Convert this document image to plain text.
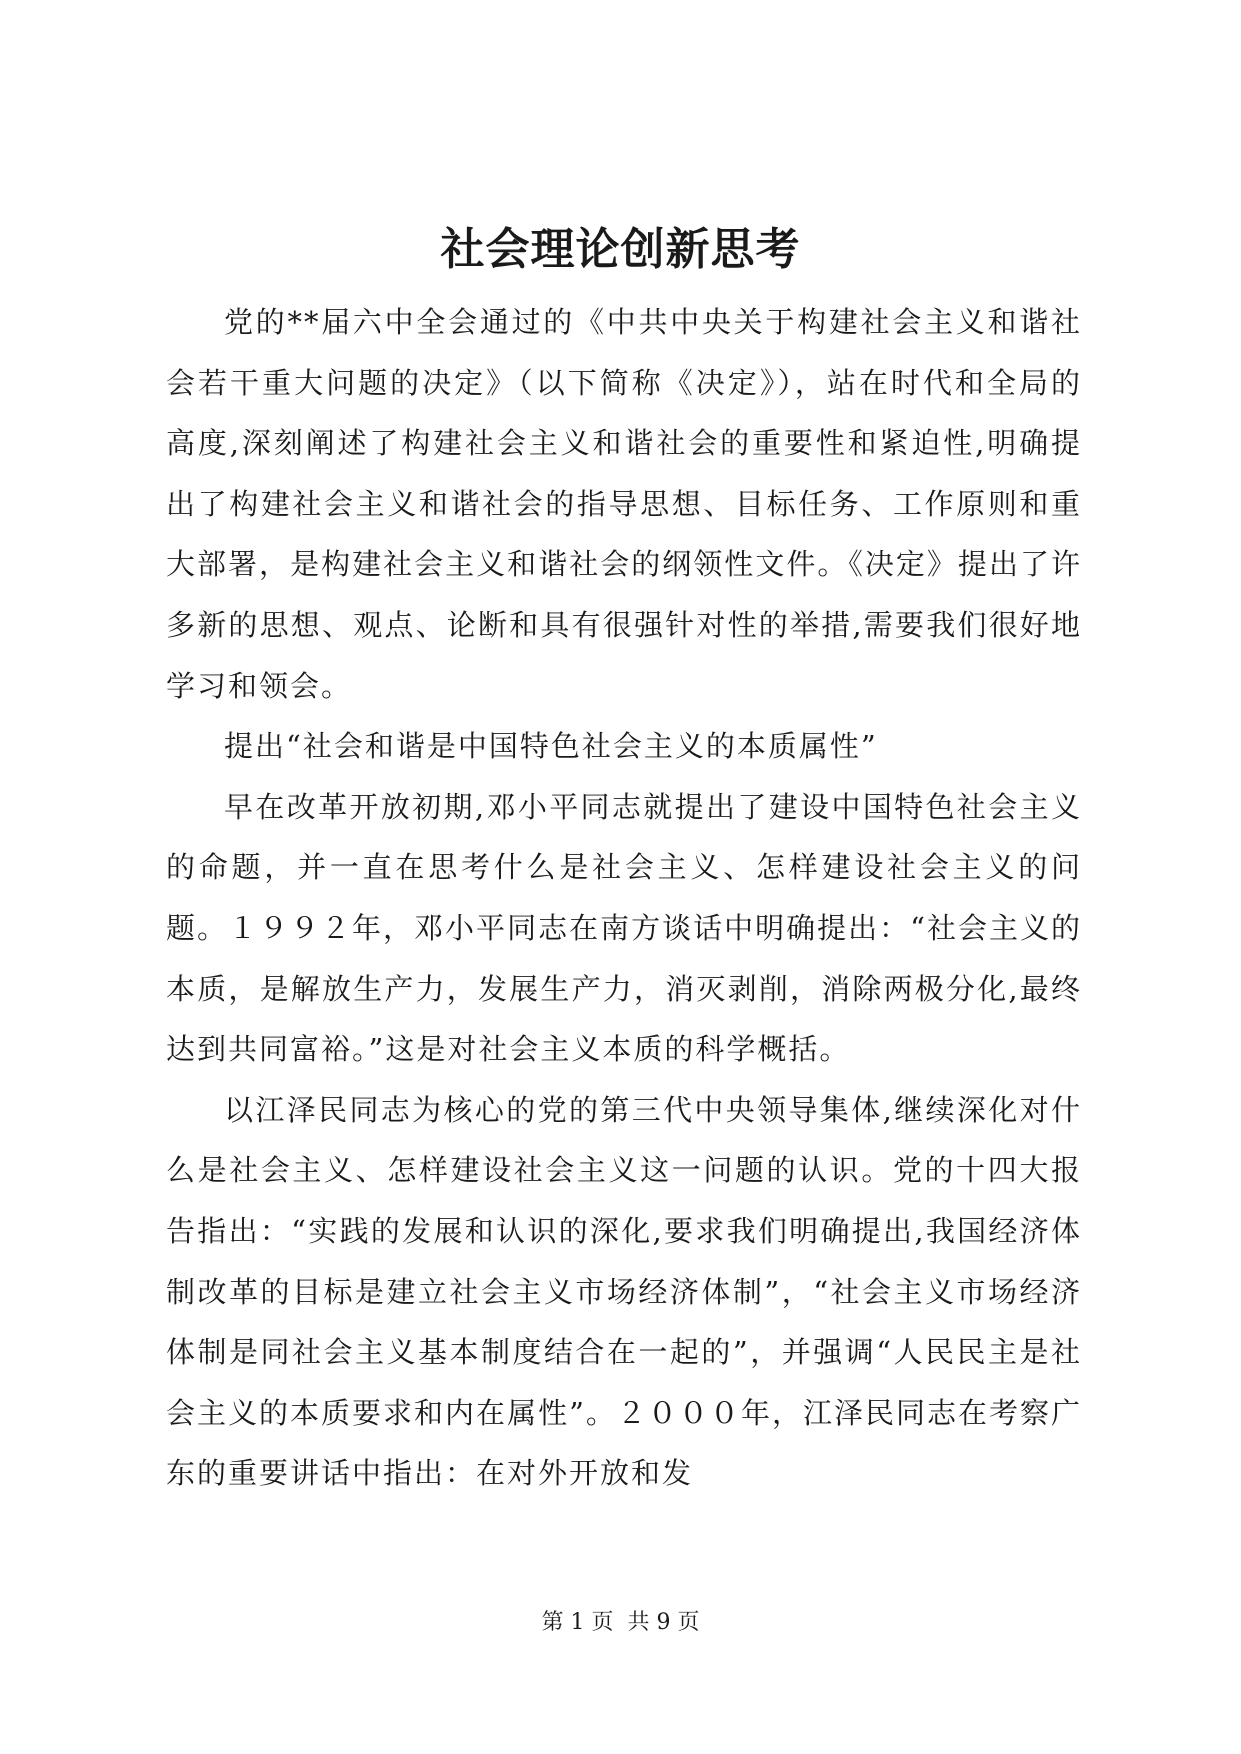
社会理论创新思考

党的**届六中全会通过的《中共中央关于构建社会主义和谐社会若干重大问题的决定》（以下简称《决定》），站在时代和全局的高度,深刻阐述了构建社会主义和谐社会的重要性和紧迫性,明确提出了构建社会主义和谐社会的指导思想、目标任务、工作原则和重大部署，是构建社会主义和谐社会的纲领性文件。《决定》提出了许多新的思想、观点、论断和具有很强针对性的举措,需要我们很好地学习和领会。

提出“社会和谐是中国特色社会主义的本质属性”

早在改革开放初期,邓小平同志就提出了建设中国特色社会主义的命题，并一直在思考什么是社会主义、怎样建设社会主义的问题。１９９２年，邓小平同志在南方谈话中明确提出：“社会主义的本质，是解放生产力，发展生产力，消灭剥削，消除两极分化,最终达到共同富裕。”这是对社会主义本质的科学概括。

以江泽民同志为核心的党的第三代中央领导集体,继续深化对什么是社会主义、怎样建设社会主义这一问题的认识。党的十四大报告指出：“实践的发展和认识的深化,要求我们明确提出,我国经济体制改革的目标是建立社会主义市场经济体制”，“社会主义市场经济体制是同社会主义基本制度结合在一起的”，并强调“人民民主是社会主义的本质要求和内在属性”。２０００年，江泽民同志在考察广东的重要讲话中指出：在对外开放和发

第 1 页  共 9 页
